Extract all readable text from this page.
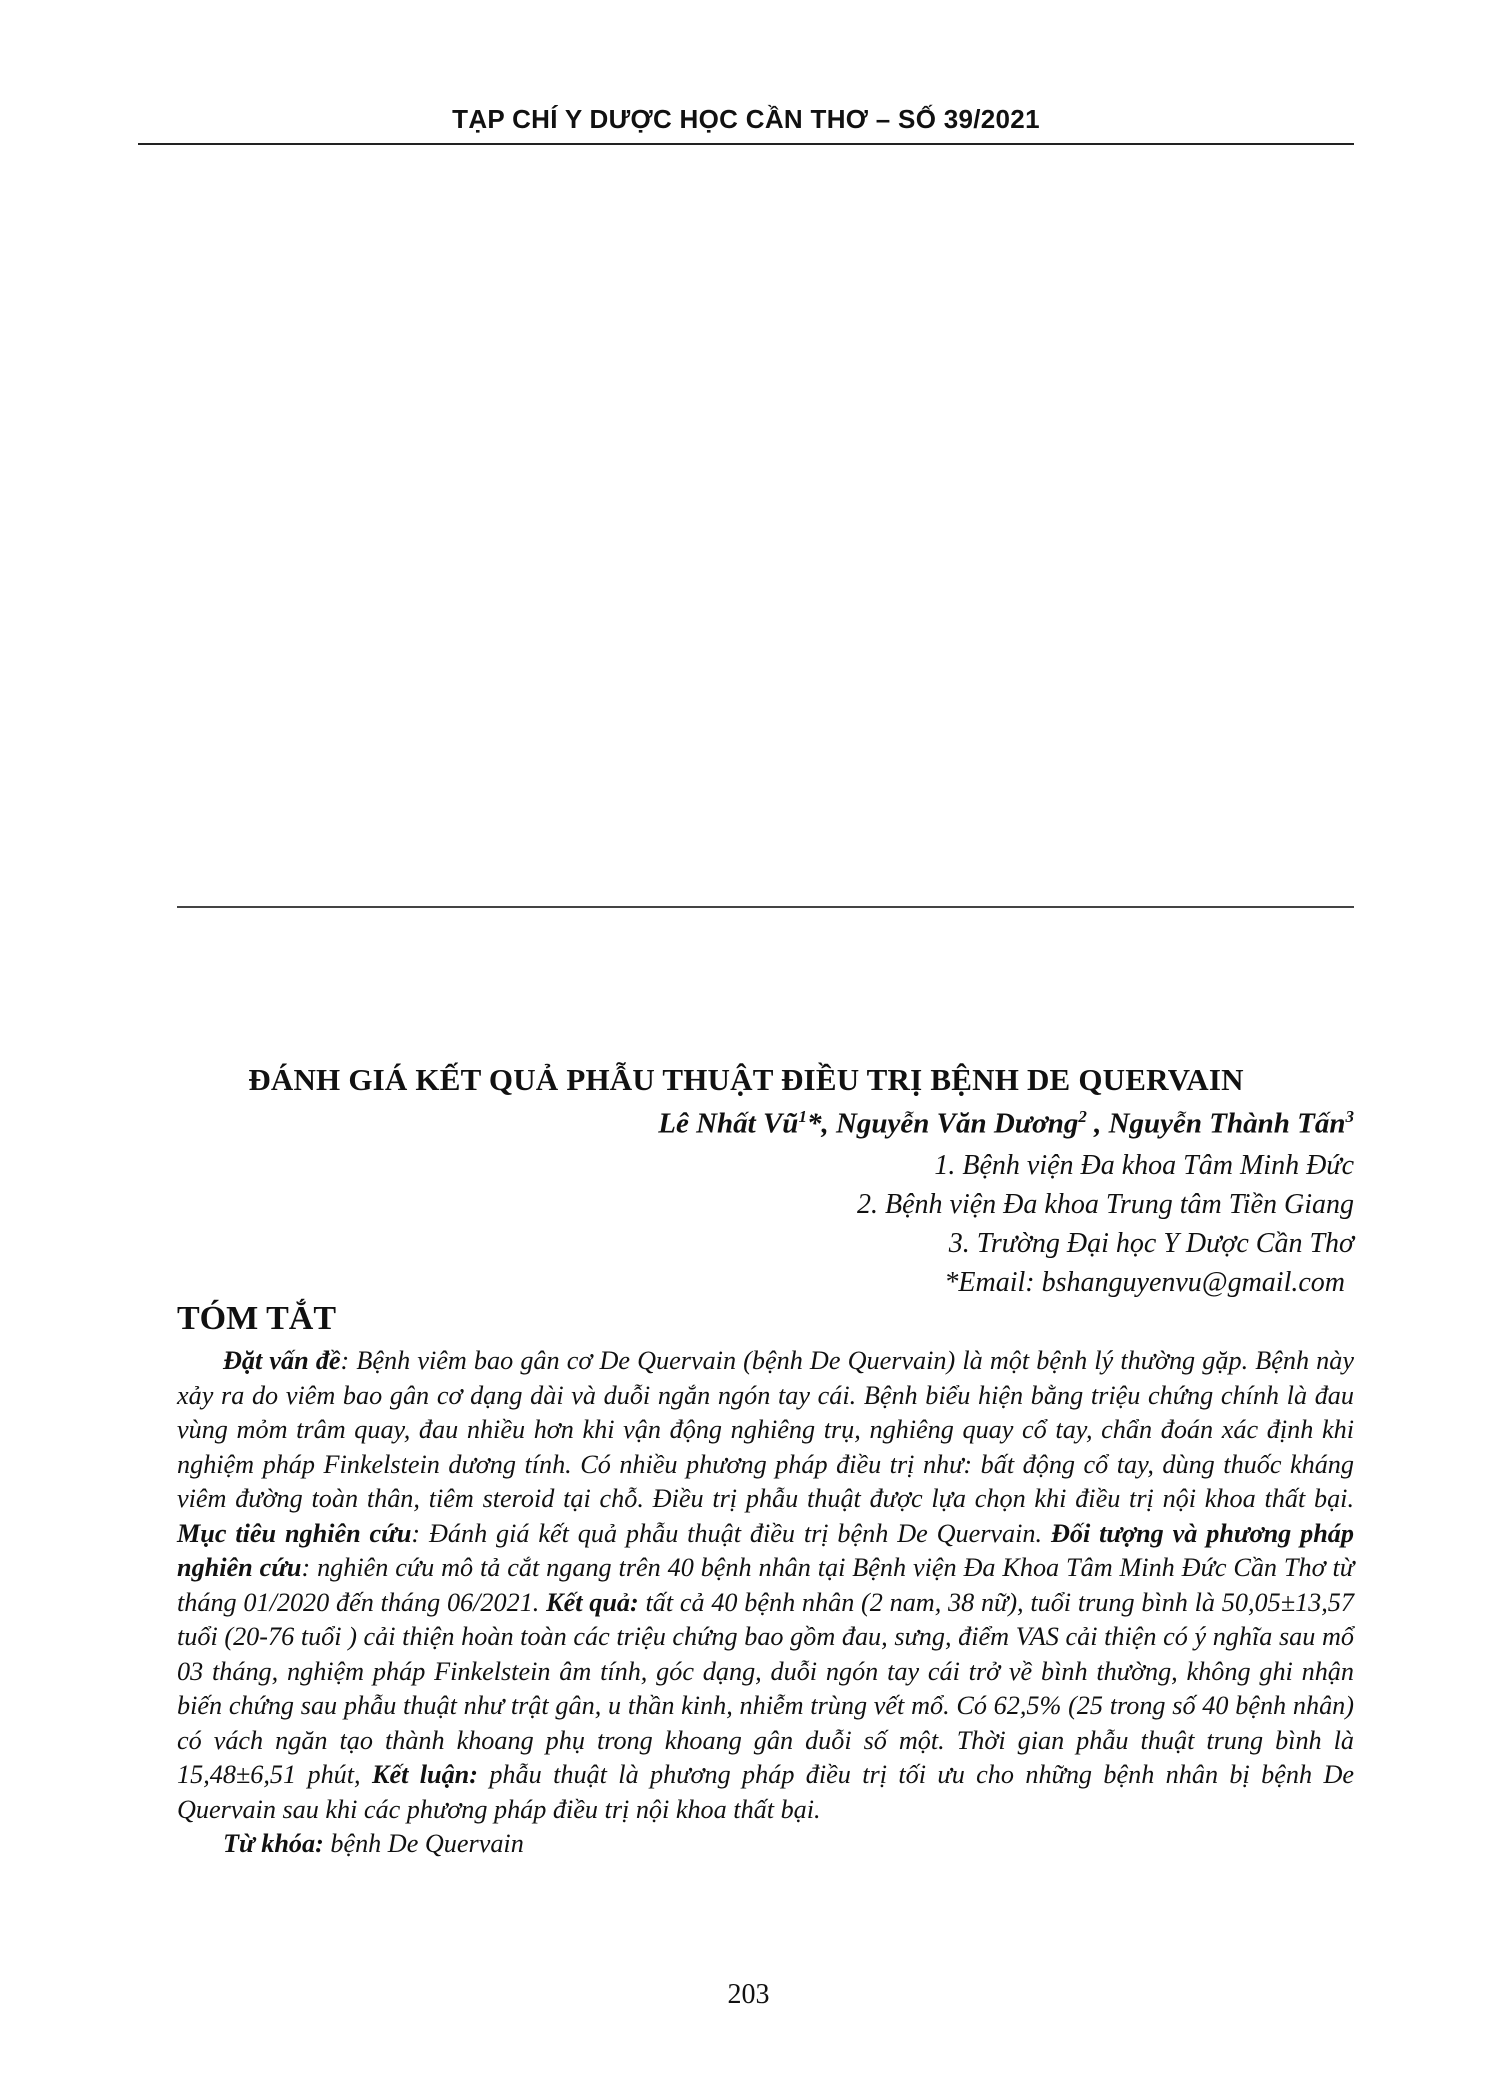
TẠP CHÍ Y DƯỢC HỌC CẦN THƠ – SỐ 39/2021
ĐÁNH GIÁ KẾT QUẢ PHẪU THUẬT ĐIỀU TRỊ BỆNH DE QUERVAIN
Lê Nhất $Vũ^1*$, Nguyễn Văn Dương$^2$ , Nguyễn Thành Tấn$^3$
1. Bệnh viện Đa khoa Tâm Minh Đức
2. Bệnh viện Đa khoa Trung tâm Tiền Giang
3. Trường Đại học Y Dược Cần Thơ
*Email: bshanguyenvu@gmail.com
TÓM TẮT

Đặt vấn đề: Bệnh viêm bao gân cơ De Quervain (bệnh De Quervain) là một bệnh lý thường gặp. Bệnh này xảy ra do viêm bao gân cơ dạng dài và duỗi ngắn ngón tay cái. Bệnh biểu hiện bằng triệu chứng chính là đau vùng mỏm trâm quay, đau nhiều hơn khi vận động nghiêng trụ, nghiêng quay cổ tay, chẩn đoán xác định khi nghiệm pháp Finkelstein dương tính. Có nhiều phương pháp điều trị như: bất động cổ tay, dùng thuốc kháng viêm đường toàn thân, tiêm steroid tại chỗ. Điều trị phẫu thuật được lựa chọn khi điều trị nội khoa thất bại. Mục tiêu nghiên cứu: Đánh giá kết quả phẫu thuật điều trị bệnh De Quervain. Đối tượng và phương pháp nghiên cứu: nghiên cứu mô tả cắt ngang trên 40 bệnh nhân tại Bệnh viện Đa Khoa Tâm Minh Đức Cần Thơ từ tháng 01/2020 đến tháng 06/2021. Kết quả: tất cả 40 bệnh nhân (2 nam, 38 nữ), tuổi trung bình là 50,05±13,57 tuổi (20-76 tuổi ) cải thiện hoàn toàn các triệu chứng bao gồm đau, sưng, điểm VAS cải thiện có ý nghĩa sau mổ 03 tháng, nghiệm pháp Finkelstein âm tính, góc dạng, duỗi ngón tay cái trở về bình thường, không ghi nhận biến chứng sau phẫu thuật như trật gân, u thần kinh, nhiễm trùng vết mổ. Có 62,5% (25 trong số 40 bệnh nhân) có vách ngăn tạo thành khoang phụ trong khoang gân duỗi số một. Thời gian phẫu thuật trung bình là 15,48±6,51 phút, Kết luận: phẫu thuật là phương pháp điều trị tối ưu cho những bệnh nhân bị bệnh De Quervain sau khi các phương pháp điều trị nội khoa thất bại.

Từ khóa: bệnh De Quervain

203
